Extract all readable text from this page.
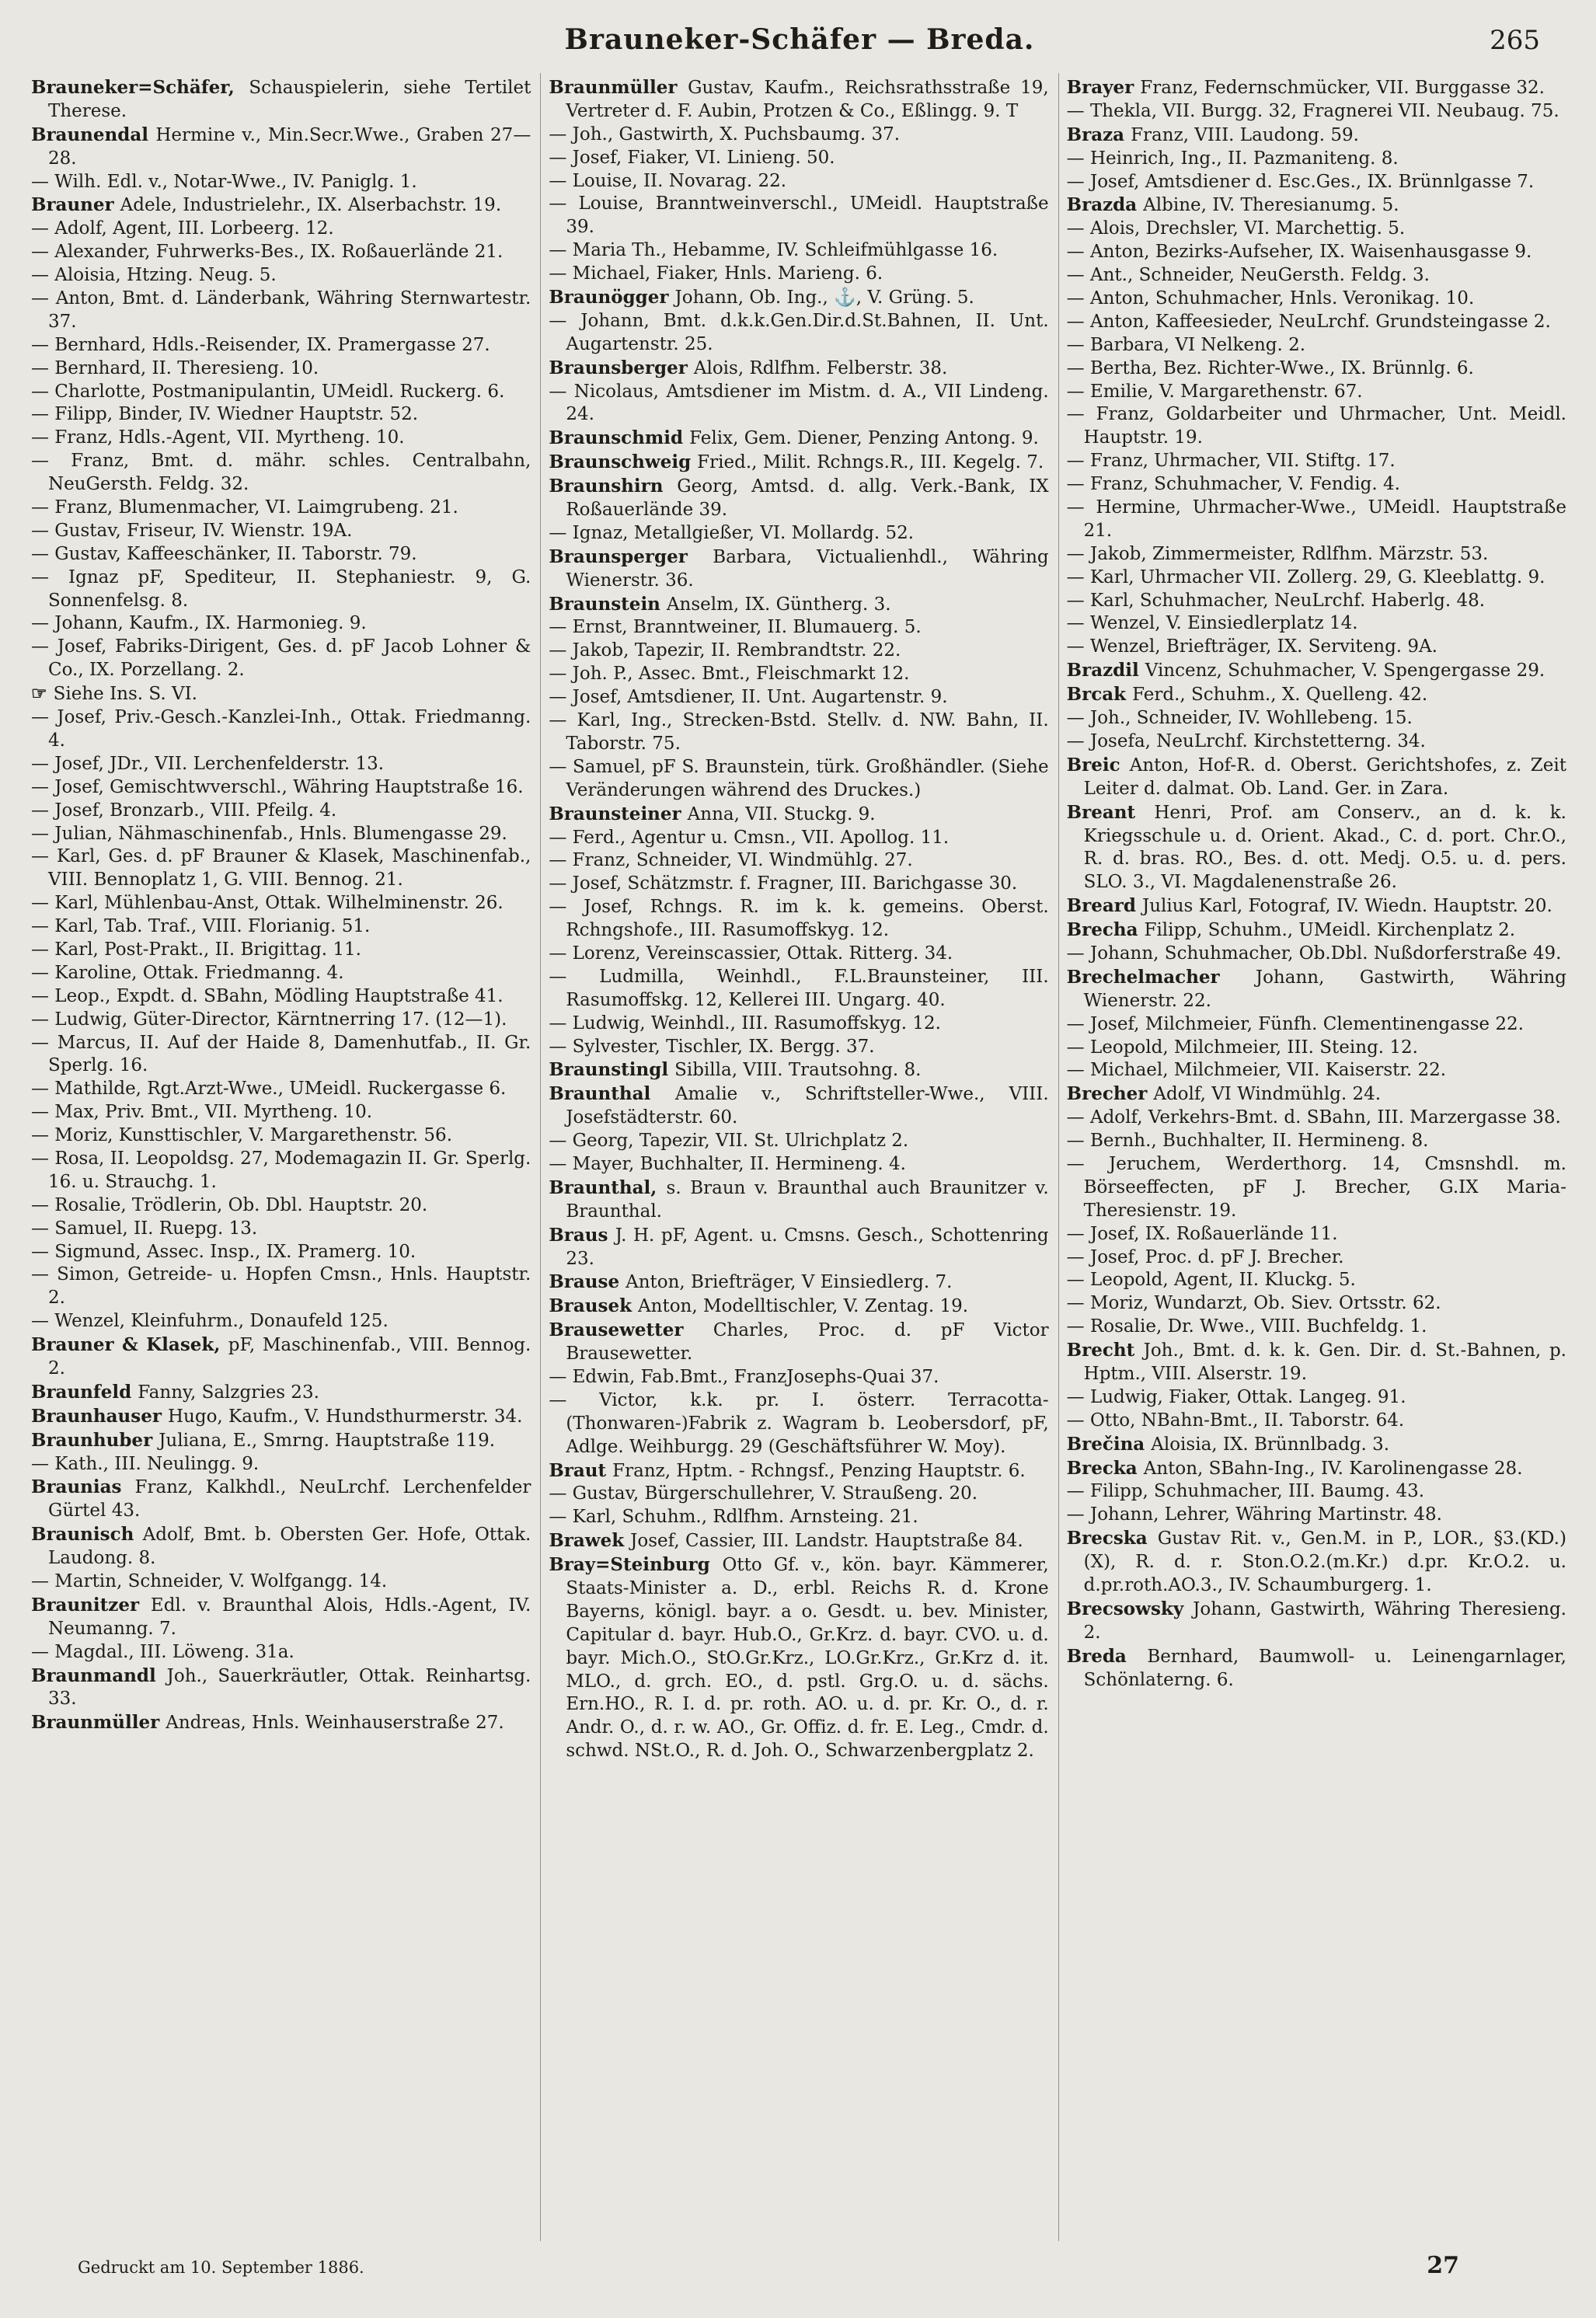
Brauneker-Schäfer — Breda.	265

Brauneker=Schäfer, Schauspielerin, siehe Tertilet Therese.

Braunendal Hermine v., Min.Secr.Wwe., Graben 27—28.

— Wilh. Edl. v., Notar-Wwe., IV. Paniglg. 1.

Brauner Adele, Industrielehr., IX. Alserbachstr. 19.

— Adolf, Agent, III. Lorbeerg. 12.

— Alexander, Fuhrwerks-Bes., IX. Roßauerlände 21.

— Aloisia, Htzing. Neug. 5.

— Anton, Bmt. d. Länderbank, Währing Sternwartestr. 37.

— Bernhard, Hdls.-Reisender, IX. Pramergasse 27.

— Bernhard, II. Theresieng. 10.

— Charlotte, Postmanipulantin, UMeidl. Ruckerg. 6.

— Filipp, Binder, IV. Wiedner Hauptstr. 52.

— Franz, Hdls.-Agent, VII. Myrtheng. 10.

— Franz, Bmt. d. mähr. schles. Centralbahn, NeuGersth. Feldg. 32.

— Franz, Blumenmacher, VI. Laimgrubeng. 21.

— Gustav, Friseur, IV. Wienstr. 19A.

— Gustav, Kaffeeschänker, II. Taborstr. 79.

— Ignaz pF, Spediteur, II. Stephaniestr. 9, G. Sonnenfelsg. 8.

— Johann, Kaufm., IX. Harmonieg. 9.

— Josef, Fabriks-Dirigent, Ges. d. pF Jacob Lohner & Co., IX. Porzellang. 2.

☞ Siehe Ins. S. VI.

— Josef, Priv.-Gesch.-Kanzlei-Inh., Ottak. Friedmanng. 4.

— Josef, JDr., VII. Lerchenfelderstr. 13.

— Josef, Gemischtwverschl., Währing Hauptstraße 16.

— Josef, Bronzarb., VIII. Pfeilg. 4.

— Julian, Nähmaschinenfab., Hnls. Blumengasse 29.

— Karl, Ges. d. pF Brauner & Klasek, Maschinenfab., VIII. Bennoplatz 1, G. VIII. Bennog. 21.

— Karl, Mühlenbau-Anst, Ottak. Wilhelminenstr. 26.

— Karl, Tab. Traf., VIII. Florianig. 51.

— Karl, Post-Prakt., II. Brigittag. 11.

— Karoline, Ottak. Friedmanng. 4.

— Leop., Expdt. d. SBahn, Mödling Hauptstraße 41.

— Ludwig, Güter-Director, Kärntnerring 17. (12—1).

— Marcus, II. Auf der Haide 8, Damenhutfab., II. Gr. Sperlg. 16.

— Mathilde, Rgt.Arzt-Wwe., UMeidl. Ruckergasse 6.

— Max, Priv. Bmt., VII. Myrtheng. 10.

— Moriz, Kunsttischler, V. Margarethenstr. 56.

— Rosa, II. Leopoldsg. 27, Modemagazin II. Gr. Sperlg. 16. u. Strauchg. 1.

— Rosalie, Trödlerin, Ob. Dbl. Hauptstr. 20.

— Samuel, II. Ruepg. 13.

— Sigmund, Assec. Insp., IX. Pramerg. 10.

— Simon, Getreide- u. Hopfen Cmsn., Hnls. Hauptstr. 2.

— Wenzel, Kleinfuhrm., Donaufeld 125.

Brauner & Klasek, pF, Maschinenfab., VIII. Bennog. 2.

Braunfeld Fanny, Salzgries 23.

Braunhauser Hugo, Kaufm., V. Hundsthurmerstr. 34.

Braunhuber Juliana, E., Smrng. Hauptstraße 119.

— Kath., III. Neulingg. 9.

Braunias Franz, Kalkhdl., NeuLrchf. Lerchenfelder Gürtel 43.

Braunisch Adolf, Bmt. b. Obersten Ger. Hofe, Ottak. Laudong. 8.

— Martin, Schneider, V. Wolfgangg. 14.

Braunitzer Edl. v. Braunthal Alois, Hdls.-Agent, IV. Neumanng. 7.

— Magdal., III. Löweng. 31a.

Braunmandl Joh., Sauerkräutler, Ottak. Reinhartsg. 33.

Braunmüller Andreas, Hnls. Weinhauserstraße 27.

Braunmüller Gustav, Kaufm., Reichsrathsstraße 19, Vertreter d. F. Aubin, Protzen & Co., Eßlingg. 9. T

— Joh., Gastwirth, X. Puchsbaumg. 37.

— Josef, Fiaker, VI. Linieng. 50.

— Louise, II. Novarag. 22.

— Louise, Branntweinverschl., UMeidl. Hauptstraße 39.

— Maria Th., Hebamme, IV. Schleifmühlgasse 16.

— Michael, Fiaker, Hnls. Marieng. 6.

Braunögger Johann, Ob. Ing., ⚓, V. Grüng. 5.

— Johann, Bmt. d.k.k.Gen.Dir.d.St.Bahnen, II. Unt. Augartenstr. 25.

Braunsberger Alois, Rdlfhm. Felberstr. 38.

— Nicolaus, Amtsdiener im Mistm. d. A., VII Lindeng. 24.

Braunschmid Felix, Gem. Diener, Penzing Antong. 9.

Braunschweig Fried., Milit. Rchngs.R., III. Kegelg. 7.

Braunshirn Georg, Amtsd. d. allg. Verk.-Bank, IX Roßauerlände 39.

— Ignaz, Metallgießer, VI. Mollardg. 52.

Braunsperger Barbara, Victualienhdl., Währing Wienerstr. 36.

Braunstein Anselm, IX. Güntherg. 3.

— Ernst, Branntweiner, II. Blumauerg. 5.

— Jakob, Tapezir, II. Rembrandtstr. 22.

— Joh. P., Assec. Bmt., Fleischmarkt 12.

— Josef, Amtsdiener, II. Unt. Augartenstr. 9.

— Karl, Ing., Strecken-Bstd. Stellv. d. NW. Bahn, II. Taborstr. 75.

— Samuel, pF S. Braunstein, türk. Großhändler. (Siehe Veränderungen während des Druckes.)

Braunsteiner Anna, VII. Stuckg. 9.

— Ferd., Agentur u. Cmsn., VII. Apollog. 11.

— Franz, Schneider, VI. Windmühlg. 27.

— Josef, Schätzmstr. f. Fragner, III. Barichgasse 30.

— Josef, Rchngs. R. im k. k. gemeins. Oberst. Rchngshofe., III. Rasumoffskyg. 12.

— Lorenz, Vereinscassier, Ottak. Ritterg. 34.

— Ludmilla, Weinhdl., F.L.Braunsteiner, III. Rasumoffskg. 12, Kellerei III. Ungarg. 40.

— Ludwig, Weinhdl., III. Rasumoffskyg. 12.

— Sylvester, Tischler, IX. Bergg. 37.

Braunstingl Sibilla, VIII. Trautsohng. 8.

Braunthal Amalie v., Schriftsteller-Wwe., VIII. Josefstädterstr. 60.

— Georg, Tapezir, VII. St. Ulrichplatz 2.

— Mayer, Buchhalter, II. Hermineng. 4.

Braunthal, s. Braun v. Braunthal auch Braunitzer v. Braunthal.

Braus J. H. pF, Agent. u. Cmsns. Gesch., Schottenring 23.

Brause Anton, Briefträger, V Einsiedlerg. 7.

Brausek Anton, Modelltischler, V. Zentag. 19.

Brausewetter Charles, Proc. d. pF Victor Brausewetter.

— Edwin, Fab.Bmt., FranzJosephs-Quai 37.

— Victor, k.k. pr. I. österr. Terracotta-(Thonwaren-)Fabrik z. Wagram b. Leobersdorf, pF, Adlge. Weihburgg. 29 (Geschäftsführer W. Moy).

Braut Franz, Hptm. - Rchngsf., Penzing Hauptstr. 6.

— Gustav, Bürgerschullehrer, V. Straußeng. 20.

— Karl, Schuhm., Rdlfhm. Arnsteing. 21.

Brawek Josef, Cassier, III. Landstr. Hauptstraße 84.

Bray=Steinburg Otto Gf. v., kön. bayr. Kämmerer, Staats-Minister a. D., erbl. Reichs R. d. Krone Bayerns, königl. bayr. a o. Gesdt. u. bev. Minister, Capitular d. bayr. Hub.O., Gr.Krz. d. bayr. CVO. u. d. bayr. Mich.O., StO.Gr.Krz., LO.Gr.Krz., Gr.Krz d. it. MLO., d. grch. EO., d. pstl. Grg.O. u. d. sächs. Ern.HO., R. I. d. pr. roth. AO. u. d. pr. Kr. O., d. r. Andr. O., d. r. w. AO., Gr. Offiz. d. fr. E. Leg., Cmdr. d. schwd. NSt.O., R. d. Joh. O., Schwarzenbergplatz 2.

Brayer Franz, Federnschmücker, VII. Burggasse 32.

— Thekla, VII. Burgg. 32, Fragnerei VII. Neubaug. 75.

Braza Franz, VIII. Laudong. 59.

— Heinrich, Ing., II. Pazmaniteng. 8.

— Josef, Amtsdiener d. Esc.Ges., IX. Brünnlgasse 7.

Brazda Albine, IV. Theresianumg. 5.

— Alois, Drechsler, VI. Marchettig. 5.

— Anton, Bezirks-Aufseher, IX. Waisenhausgasse 9.

— Ant., Schneider, NeuGersth. Feldg. 3.

— Anton, Schuhmacher, Hnls. Veronikag. 10.

— Anton, Kaffeesieder, NeuLrchf. Grundsteingasse 2.

— Barbara, VI Nelkeng. 2.

— Bertha, Bez. Richter-Wwe., IX. Brünnlg. 6.

— Emilie, V. Margarethenstr. 67.

— Franz, Goldarbeiter und Uhrmacher, Unt. Meidl. Hauptstr. 19.

— Franz, Uhrmacher, VII. Stiftg. 17.

— Franz, Schuhmacher, V. Fendig. 4.

— Hermine, Uhrmacher-Wwe., UMeidl. Hauptstraße 21.

— Jakob, Zimmermeister, Rdlfhm. Märzstr. 53.

— Karl, Uhrmacher VII. Zollerg. 29, G. Kleeblattg. 9.

— Karl, Schuhmacher, NeuLrchf. Haberlg. 48.

— Wenzel, V. Einsiedlerplatz 14.

— Wenzel, Briefträger, IX. Serviteng. 9A.

Brazdil Vincenz, Schuhmacher, V. Spengergasse 29.

Brcak Ferd., Schuhm., X. Quelleng. 42.

— Joh., Schneider, IV. Wohllebeng. 15.

— Josefa, NeuLrchf. Kirchstetterng. 34.

Breic Anton, Hof-R. d. Oberst. Gerichtshofes, z. Zeit Leiter d. dalmat. Ob. Land. Ger. in Zara.

Breant Henri, Prof. am Conserv., an d. k. k. Kriegsschule u. d. Orient. Akad., C. d. port. Chr.O., R. d. bras. RO., Bes. d. ott. Medj. O.5. u. d. pers. SLO. 3., VI. Magdalenenstraße 26.

Breard Julius Karl, Fotograf, IV. Wiedn. Hauptstr. 20.

Brecha Filipp, Schuhm., UMeidl. Kirchenplatz 2.

— Johann, Schuhmacher, Ob.Dbl. Nußdorferstraße 49.

Brechelmacher Johann, Gastwirth, Währing Wienerstr. 22.

— Josef, Milchmeier, Fünfh. Clementinengasse 22.

— Leopold, Milchmeier, III. Steing. 12.

— Michael, Milchmeier, VII. Kaiserstr. 22.

Brecher Adolf, VI Windmühlg. 24.

— Adolf, Verkehrs-Bmt. d. SBahn, III. Marzergasse 38.

— Bernh., Buchhalter, II. Hermineng. 8.

— Jeruchem, Werderthorg. 14, Cmsnshdl. m. Börseeffecten, pF J. Brecher, G.IX Maria-Theresienstr. 19.

— Josef, IX. Roßauerlände 11.

— Josef, Proc. d. pF J. Brecher.

— Leopold, Agent, II. Kluckg. 5.

— Moriz, Wundarzt, Ob. Siev. Ortsstr. 62.

— Rosalie, Dr. Wwe., VIII. Buchfeldg. 1.

Brecht Joh., Bmt. d. k. k. Gen. Dir. d. St.-Bahnen, p. Hptm., VIII. Alserstr. 19.

— Ludwig, Fiaker, Ottak. Langeg. 91.

— Otto, NBahn-Bmt., II. Taborstr. 64.

Brečina Aloisia, IX. Brünnlbadg. 3.

Brecka Anton, SBahn-Ing., IV. Karolinengasse 28.

— Filipp, Schuhmacher, III. Baumg. 43.

— Johann, Lehrer, Währing Martinstr. 48.

Brecska Gustav Rit. v., Gen.M. in P., LOR., §3.(KD.)(X), R. d. r. Ston.O.2.(m.Kr.) d.pr. Kr.O.2. u. d.pr.roth.AO.3., IV. Schaumburgerg. 1.

Brecsowsky Johann, Gastwirth, Währing Theresieng. 2.

Breda Bernhard, Baumwoll- u. Leinengarnlager, Schönlaterng. 6.

Gedruckt am 10. September 1886.	27
